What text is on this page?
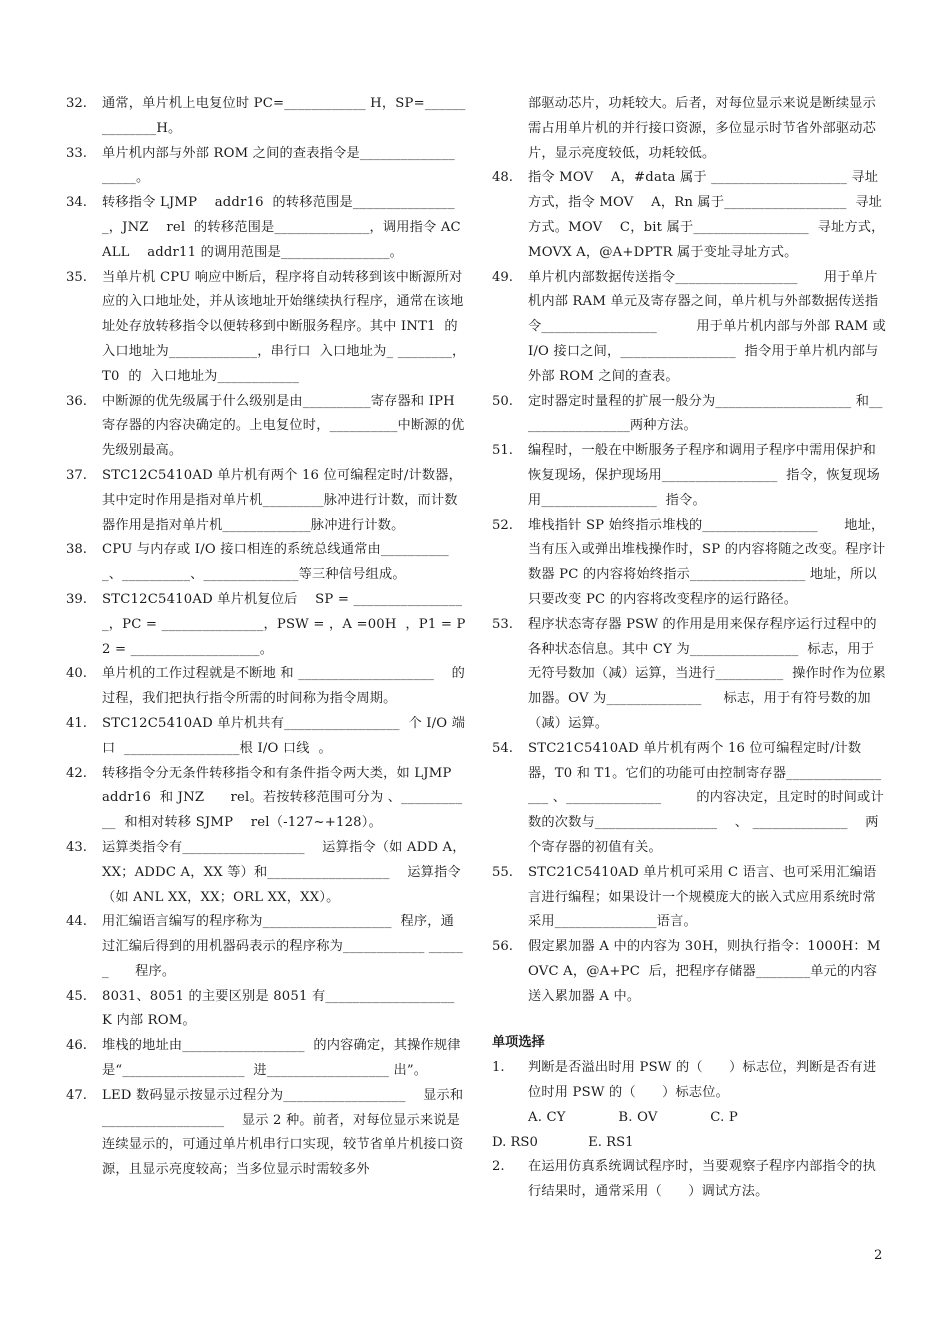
32. 通常，单片机上电复位时 PC=____________ H，SP=______________H。
33. 单片机内部与外部 ROM 之间的查表指令是______________ _____。
34. 转移指令 LJMP    addr16  的转移范围是________________，JNZ    rel  的转移范围是______________，调用指令 ACALL    addr11 的调用范围是________________。
35. 当单片机 CPU 响应中断后，程序将自动转移到该中断源所对应的入口地址处，并从该地址开始继续执行程序，通常在该地址处存放转移指令以便转移到中断服务程序。其中 INT1  的入口地址为_____________，串行口  入口地址为_ ________，T0  的  入口地址为____________
36. 中断源的优先级属于什么级别是由__________寄存器和 IPH 寄存器的内容决确定的。上电复位时，__________中断源的优先级别最高。
37. STC12C5410AD 单片机有两个 16 位可编程定时/计数器，其中定时作用是指对单片机_________脉冲进行计数，而计数器作用是指对单片机_____________脉冲进行计数。
38. CPU 与内存或 I/O 接口相连的系统总线通常由__________ _、__________、______________等三种信号组成。
39. STC12C5410AD 单片机复位后    SP = _________________，PC = _______________，PSW = ，A =00H  ，P1 = P2 = ___________________。
40. 单片机的工作过程就是不断地 和 ____________________    的过程，我们把执行指令所需的时间称为指令周期。
41. STC12C5410AD 单片机共有_________________  个 I/O 端口  _________________根 I/O 口线  。
42. 转移指令分无条件转移指令和有条件指令两大类，如 LJMP    addr16  和 JNZ      rel。若按转移范围可分为 、___________  和相对转移 SJMP    rel（-127~+128）。
43. 运算类指令有__________________    运算指令（如 ADD A，XX；ADDC A，XX 等）和__________________    运算指令（如 ANL XX，XX；ORL XX，XX）。
44. 用汇编语言编写的程序称为___________________  程序，通过汇编后得到的用机器码表示的程序称为____________ ______      程序。
45. 8031、8051 的主要区别是 8051 有___________________ K 内部 ROM。
46. 堆栈的地址由__________________  的内容确定，其操作规律是“__________________  进__________________ 出”。
47. LED 数码显示按显示过程分为__________________    显示和__________________    显示 2 种。前者，对每位显示来说是连续显示的，可通过单片机串行口实现，较节省单片机接口资源，且显示亮度较高；当多位显示时需较多外
部驱动芯片，功耗较大。后者，对每位显示来说是断续显示需占用单片机的并行接口资源，多位显示时节省外部驱动芯片，显示亮度较低，功耗较低。
48. 指令 MOV    A，#data 属于 ____________________ 寻址方式，指令 MOV    A，Rn 属于__________________  寻址方式。MOV    C，bit 属于_________________  寻址方式，MOVX A，@A+DPTR 属于变址寻址方式。
49. 单片机内部数据传送指令__________________      用于单片机内部 RAM 单元及寄存器之间，单片机与外部数据传送指令_________________         用于单片机内部与外部 RAM 或 I/O 接口之间，_________________  指令用于单片机内部与外部 ROM 之间的查表。
50. 定时器定时量程的扩展一般分为____________________ 和_________________两种方法。
51. 编程时，一般在中断服务子程序和调用子程序中需用保护和恢复现场，保护现场用_________________  指令，恢复现场用_________________  指令。
52. 堆栈指针 SP 始终指示堆栈的_________________      地址，当有压入或弹出堆栈操作时，SP 的内容将随之改变。程序计数器 PC 的内容将始终指示_________________ 地址，所以只要改变 PC 的内容将改变程序的运行路径。
53. 程序状态寄存器 PSW 的作用是用来保存程序运行过程中的各种状态信息。其中 CY 为________________  标志，用于无符号数加（减）运算，当进行__________  操作时作为位累加器。OV 为______________     标志，用于有符号数的加（减）运算。
54. STC21C5410AD 单片机有两个 16 位可编程定时/计数器，T0 和 T1。它们的功能可由控制寄存器_________________ 、______________        的内容决定，且定时的时间或计数的次数与__________________    、 ______________    两个寄存器的初值有关。
55. STC21C5410AD 单片机可采用 C 语言、也可采用汇编语言进行编程；如果设计一个规模庞大的嵌入式应用系统时常采用_______________语言。
56. 假定累加器 A 中的内容为 30H，则执行指令：1000H：MOVC A，@A+PC  后，把程序存储器________单元的内容送入累加器 A 中。
单项选择
1. 判断是否溢出时用 PSW 的（      ）标志位，判断是否有进位时用 PSW 的（      ）标志位。
A. CY            B. OV            C. P
D. RS0            E. RS1
2. 在运用仿真系统调试程序时，当要观察子程序内部指令的执行结果时，通常采用（      ）调试方法。
2
